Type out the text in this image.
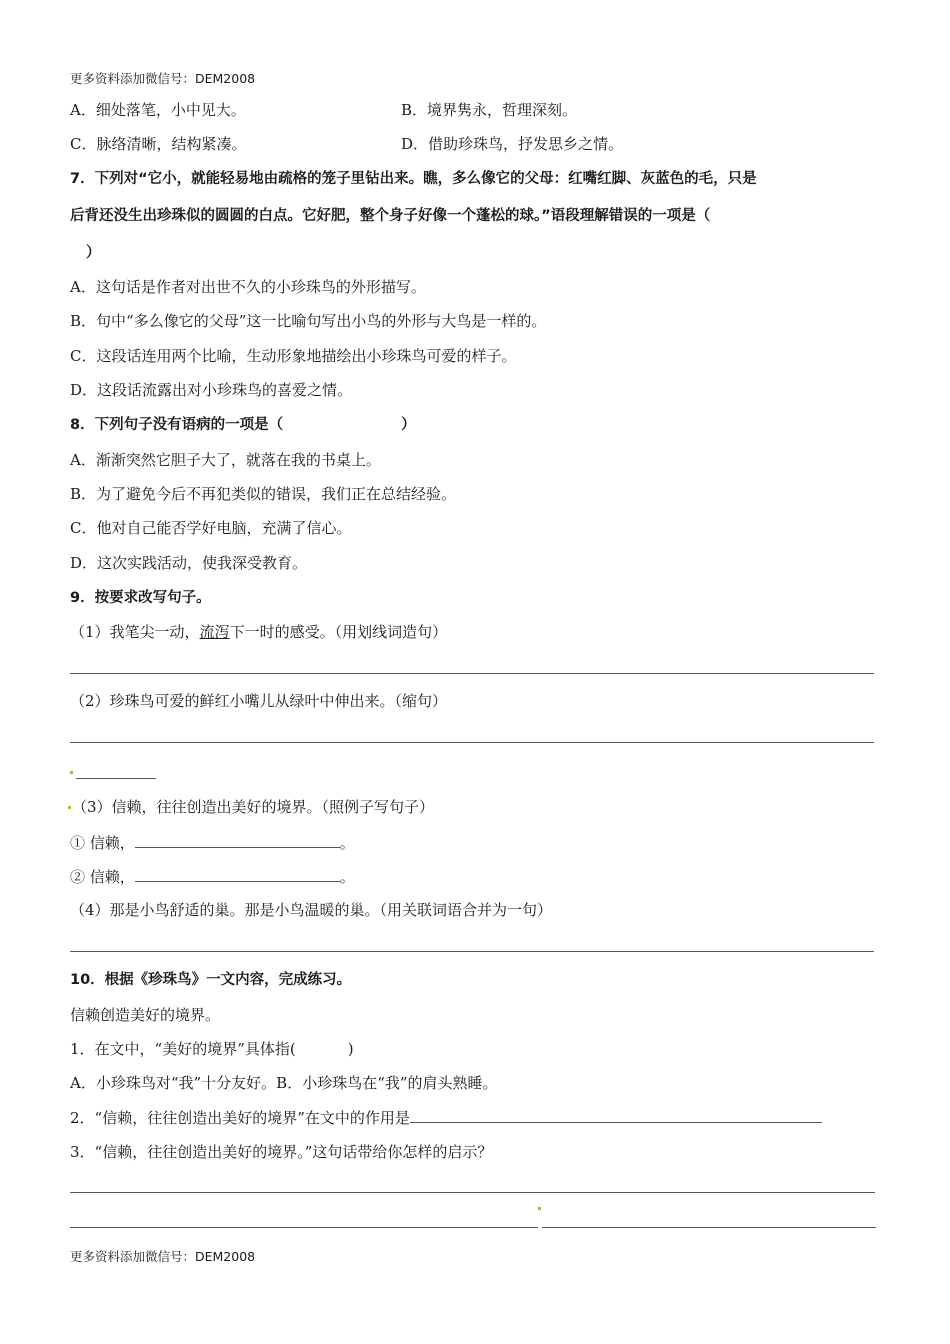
更多资料添加微信号：DEM2008
A．细处落笔，小中见大。	B．境界隽永，哲理深刻。
C．脉络清晰，结构紧凑。	D．借助珍珠鸟，抒发思乡之情。
7．下列对“它小，就能轻易地由疏格的笼子里钻出来。瞧，多么像它的父母：红嘴红脚、灰蓝色的毛，只是
后背还没生出珍珠似的圆圆的白点。它好肥，整个身子好像一个蓬松的球。”语段理解错误的一项是（
）
A．这句话是作者对出世不久的小珍珠鸟的外形描写。
B．句中“多么像它的父母”这一比喻句写出小鸟的外形与大鸟是一样的。
C．这段话连用两个比喻，生动形象地描绘出小珍珠鸟可爱的样子。
D．这段话流露出对小珍珠鸟的喜爱之情。
8．下列句子没有语病的一项是（	）
A．渐渐突然它胆子大了，就落在我的书桌上。
B．为了避免今后不再犯类似的错误，我们正在总结经验。
C．他对自己能否学好电脑，充满了信心。
D．这次实践活动，使我深受教育。
9．按要求改写句子。
（1）我笔尖一动，流泻下一时的感受。（用划线词造句）
（2）珍珠鸟可爱的鲜红小嘴儿从绿叶中伸出来。（缩句）
（3）信赖，往往创造出美好的境界。（照例子写句子）
① 信赖，	。
② 信赖，	。
（4）那是小鸟舒适的巢。那是小鸟温暖的巢。（用关联词语合并为一句）
10．根据《珍珠鸟》一文内容，完成练习。
信赖创造美好的境界。
1．在文中，“美好的境界”具体指(	)
A．小珍珠鸟对“我”十分友好。B．小珍珠鸟在“我”的肩头熟睡。
2．“信赖，往往创造出美好的境界”在文中的作用是
3．“信赖，往往创造出美好的境界。”这句话带给你怎样的启示？
更多资料添加微信号：DEM2008
